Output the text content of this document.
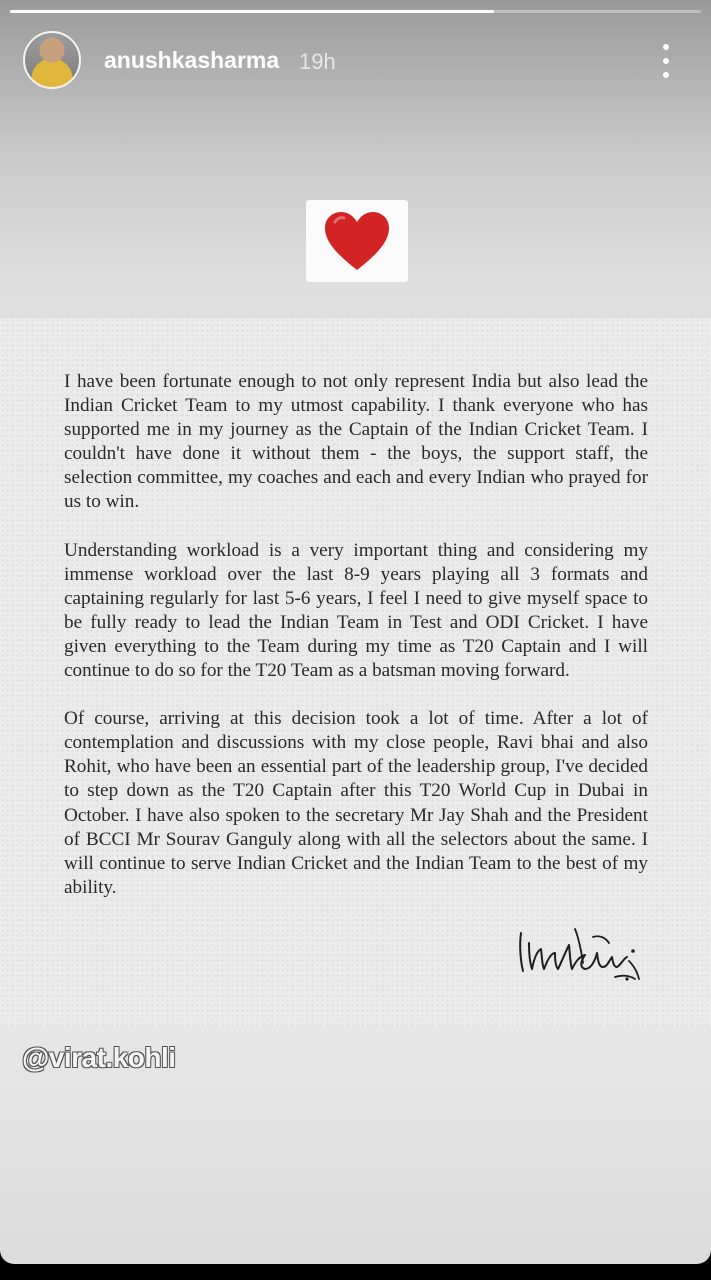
anushkasharma 19h

I have been fortunate enough to not only represent India but also lead the Indian Cricket Team to my utmost capability. I thank everyone who has supported me in my journey as the Captain of the Indian Cricket Team. I couldn't have done it without them - the boys, the support staff, the selection committee, my coaches and each and every Indian who prayed for us to win.

Understanding workload is a very important thing and considering my immense workload over the last 8-9 years playing all 3 formats and captaining regularly for last 5-6 years, I feel I need to give myself space to be fully ready to lead the Indian Team in Test and ODI Cricket. I have given everything to the Team during my time as T20 Captain and I will continue to do so for the T20 Team as a batsman moving forward.

Of course, arriving at this decision took a lot of time. After a lot of contemplation and discussions with my close people, Ravi bhai and also Rohit, who have been an essential part of the leadership group, I've decided to step down as the T20 Captain after this T20 World Cup in Dubai in October. I have also spoken to the secretary Mr Jay Shah and the President of BCCI Mr Sourav Ganguly along with all the selectors about the same. I will continue to serve Indian Cricket and the Indian Team to the best of my ability.

@virat.kohli
